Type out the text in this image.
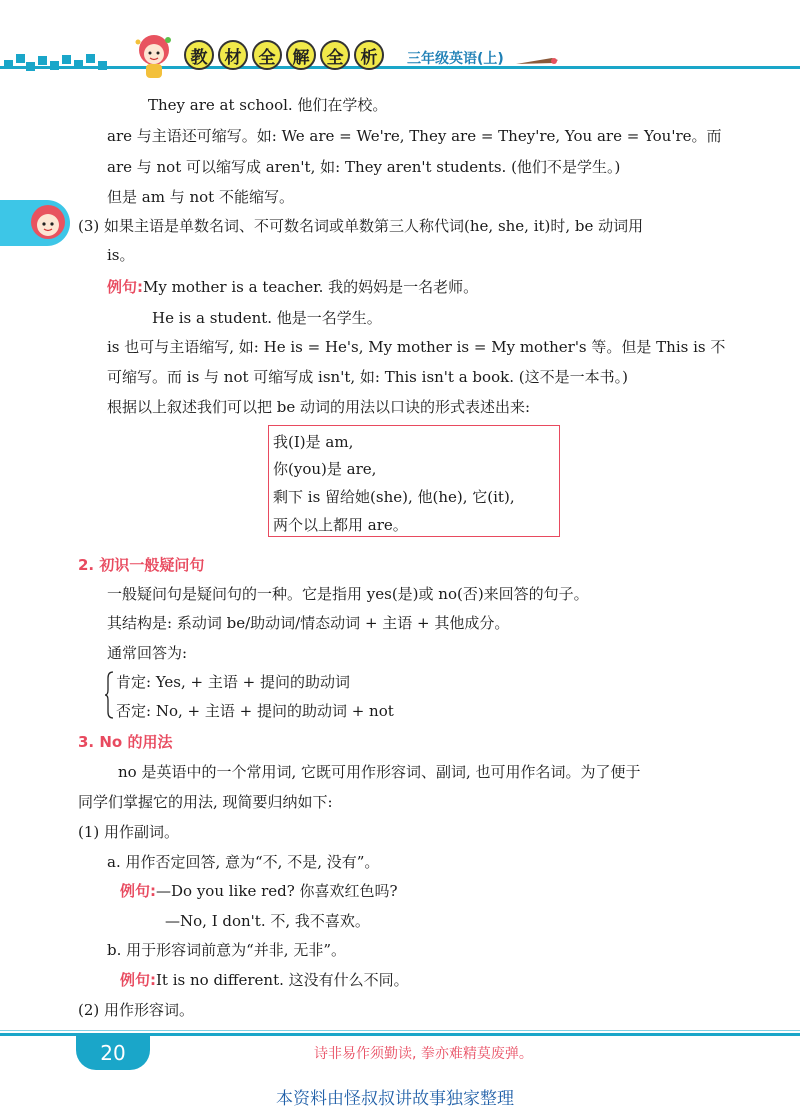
教	材	全	解	全	析	三年级英语(上)
They are at school. 他们在学校。
are 与主语还可缩写。如: We are = We're, They are = They're, You are = You're。而
are 与 not 可以缩写成 aren't, 如: They aren't students. (他们不是学生。)
但是 am 与 not 不能缩写。
(3) 如果主语是单数名词、不可数名词或单数第三人称代词(he, she, it)时, be 动词用
is。
例句:My mother is a teacher. 我的妈妈是一名老师。
He is a student. 他是一名学生。
is 也可与主语缩写, 如: He is = He's, My mother is = My mother's 等。但是 This is 不
可缩写。而 is 与 not 可缩写成 isn't, 如: This isn't a book. (这不是一本书。)
根据以上叙述我们可以把 be 动词的用法以口诀的形式表述出来:
我(I)是 am,
你(you)是 are,
剩下 is 留给她(she), 他(he), 它(it),
两个以上都用 are。
2. 初识一般疑问句
一般疑问句是疑问句的一种。它是指用 yes(是)或 no(否)来回答的句子。
其结构是: 系动词 be/助动词/情态动词 + 主语 + 其他成分。
通常回答为:
肯定: Yes, + 主语 + 提问的助动词
否定: No, + 主语 + 提问的助动词 + not
3. No 的用法
no 是英语中的一个常用词, 它既可用作形容词、副词, 也可用作名词。为了便于
同学们掌握它的用法, 现简要归纳如下:
(1) 用作副词。
a. 用作否定回答, 意为“不, 不是, 没有”。
例句:—Do you like red? 你喜欢红色吗?
—No, I don't. 不, 我不喜欢。
b. 用于形容词前意为“并非, 无非”。
例句:It is no different. 这没有什么不同。
(2) 用作形容词。
20	诗非易作须勤读, 拳亦难精莫废弹。
本资料由怪叔叔讲故事独家整理
